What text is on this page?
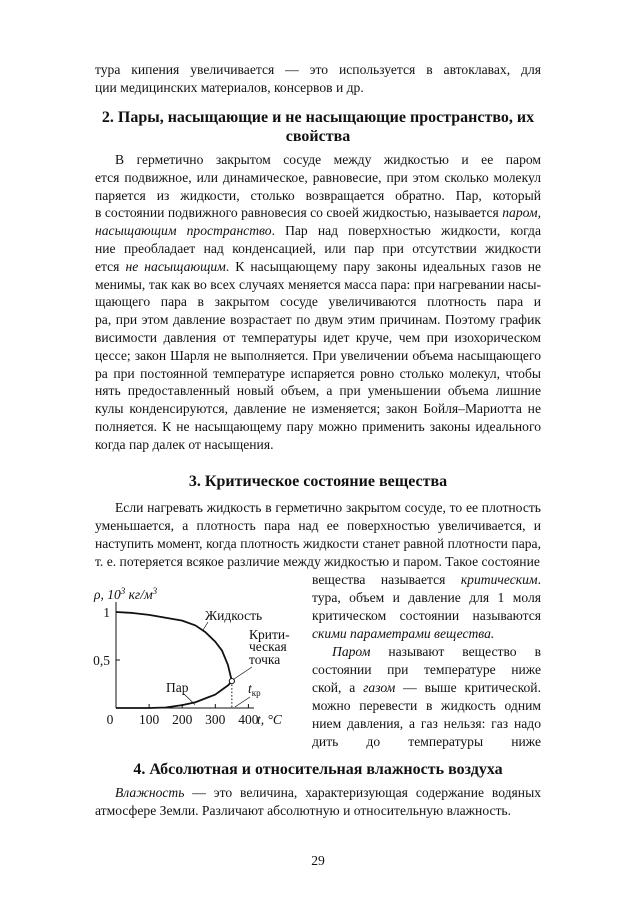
тура кипения увеличивается — это используется в автоклавах, для
ции медицинских материалов, консервов и др.
2. Пары, насыщающие и не насыщающие пространство, их
свойства
В герметично закрытом сосуде между жидкостью и ее паром
ется подвижное, или динамическое, равновесие, при этом сколько молекул
паряется из жидкости, столько возвращается обратно. Пар, который
в состоянии подвижного равновесия со своей жидкостью, называется паром,
насыщающим пространство. Пар над поверхностью жидкости, когда
ние преобладает над конденсацией, или пар при отсутствии жидкости
ется не насыщающим. К насыщающему пару законы идеальных газов не
менимы, так как во всех случаях меняется масса пара: при нагревании насы-
щающего пара в закрытом сосуде увеличиваются плотность пара и
ра, при этом давление возрастает по двум этим причинам. Поэтому график
висимости давления от температуры идет круче, чем при изохорическом
цессе; закон Шарля не выполняется. При увеличении объема насыщающего
ра при постоянной температуре испаряется ровно столько молекул, чтобы
нять предоставленный новый объем, а при уменьшении объема лишние
кулы конденсируются, давление не изменяется; закон Бойля–Мариотта не
полняется. К не насыщающему пару можно применить законы идеального
когда пар далек от насыщения.
3. Критическое состояние вещества
Если нагревать жидкость в герметично закрытом сосуде, то ее плотность
уменьшается, а плотность пара над ее поверхностью увеличивается, и
наступить момент, когда плотность жидкости станет равной плотности пара,
т. е. потеряется всякое различие между жидкостью и паром. Такое состояние
вещества называется критическим.
тура, объем и давление для 1 моля
критическом состоянии называются
скими параметрами вещества.
Паром называют вещество в
состоянии при температуре ниже
ской, а газом — выше критической.
можно перевести в жидкость одним
нием давления, а газ нельзя: газ надо
дить до температуры ниже
0 100 200 300 400
0,5
1
ρ, $10^3$ $кг/м^3$
t, °C
Жидкость
Пар
Крити-
ческая
точка
$t_{кр}$
4. Абсолютная и относительная влажность воздуха
Влажность — это величина, характеризующая содержание водяных
атмосфере Земли. Различают абсолютную и относительную влажность.
29
